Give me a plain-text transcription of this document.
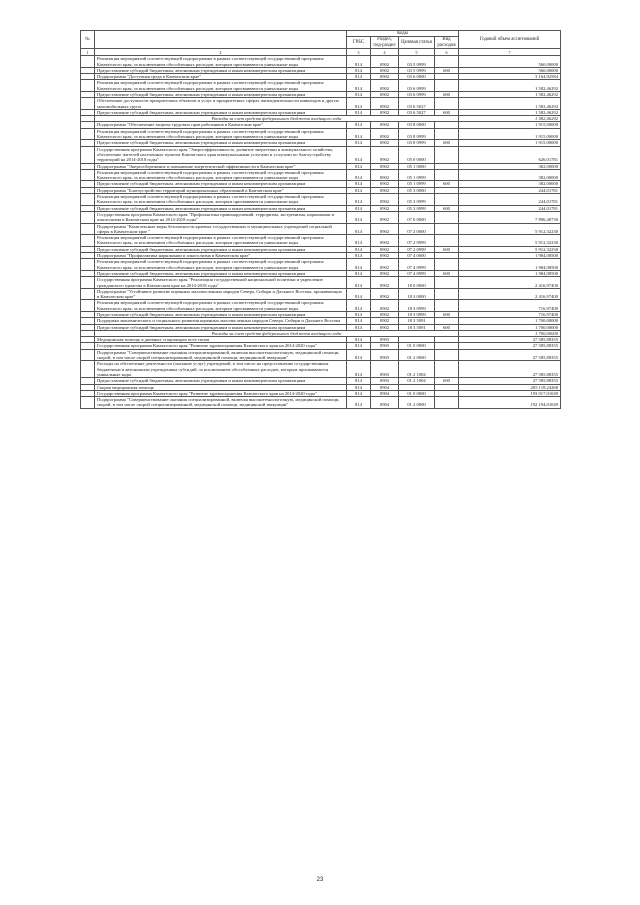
№		Коды				Годовой объем ассигнований
		ГРБС	Раздел, под-раздел	Целевая статья	Вид расходов	
1	2	3	4	5	6	7
	Реализация мероприятий соответствующей подпрограммы в рамках соответствующей государственной программы Камчатского края, за исключением обособленных расходов, которым присваиваются уникальные коды	814	0902	03 5 0999		560,00000
	Предоставление субсидий бюджетным, автономным учреждениям и иным некоммерческим организациям	814	0902	03 5 0999	600	560,00000
	Подпрограмма "Доступная среда в Камчатском крае"	814	0902	03 6 0000		3 164,92584
	Реализация мероприятий соответствующей подпрограммы в рамках соответствующей государственной программы Камчатского края, за исключением обособленных расходов, которым присваиваются уникальные коды	814	0902	03 6 0999		1 582,46292
	Предоставление субсидий бюджетным, автономным учреждениям и иным некоммерческим организациям	814	0902	03 6 0999	600	1 582,46292
	Обеспечение доступности приоритетных объектов и услуг в приоритетных сферах жизнедеятельности инвалидов и других маломобильных групп	814	0902	03 6 5027		1 582,46292
	Предоставление субсидий бюджетным, автономным учреждениям и иным некоммерческим организациям	814	0902	03 6 5027	600	1 582,46292
	Расходы за счет средств федерального бюджета входящего хода					1 582,46292
	Подпрограмма "Обеспечение защиты трудовых прав работников в Камчатском крае"	814	0902	03 8 0000		1 915,00000
	Реализация мероприятий соответствующей подпрограммы в рамках соответствующей государственной программы Камчатского края, за исключением обособленных расходов, которым присваиваются уникальные коды	814	0902	03 8 0999		1 915,00000
	Предоставление субсидий бюджетным, автономным учреждениям и иным некоммерческим организациям	814	0902	03 8 0999	600	1 915,00000
	Государственная программа Камчатского края "Энергоэффективность, развитие энергетики и коммунального хозяйства, обеспечение жителей населенных пунктов Камчатского края коммунальными услугами и услугами по благоустройству территорий на 2014-2018 годы"	814	0902	05 0 0000		626,01781
	Подпрограмма "Энергосбережение и повышение энергетической эффективности в Камчатском крае"	814	0902	05 1 0000		382,00000
	Реализация мероприятий соответствующей подпрограммы в рамках соответствующей государственной программы Камчатского края, за исключением обособленных расходов, которым присваиваются уникальные коды	814	0902	05 1 0999		382,00000
	Предоставление субсидий бюджетным, автономным учреждениям и иным некоммерческим организациям	814	0902	05 1 0999	600	382,00000
	Подпрограмма "Благоустройство территорий муниципальных образований в Камчатском крае"	814	0902	05 3 0000		244,01781
	Реализация мероприятий соответствующей подпрограммы в рамках соответствующей государственной программы Камчатского края, за исключением обособленных расходов, которым присваиваются уникальные коды	814	0902	05 3 0999		244,01781
	Предоставление субсидий бюджетным, автономным учреждениям и иным некоммерческим организациям	814	0902	05 3 0999	600	244,01781
	Государственная программа Камчатского края "Профилактика правонарушений, терроризма, экстремизма, наркомании и алкоголизма в Камчатском крае на 2014-2018 годы"	814	0902	07 0 0000		7 896,40730
	Подпрограмма "Комплексные меры безопасности краевых государственных и муниципальных учреждений социальной сферы в Камчатском крае "	814	0902	07 2 0000		5 912,32230
	Реализация мероприятий соответствующей подпрограммы в рамках соответствующей государственной программы Камчатского края, за исключением обособленных расходов, которым присваиваются уникальные коды	814	0902	07 2 0999		5 912,32230
	Предоставление субсидий бюджетным, автономным учреждениям и иным некоммерческим организациям	814	0902	07 2 0999	600	5 912,32230
	Подпрограмма "Профилактика наркомании и алкоголизма в Камчатском крае"	814	0902	07 4 0000		1 984,08500
	Реализация мероприятий соответствующей подпрограммы в рамках соответствующей государственной программы Камчатского края, за исключением обособленных расходов, которым присваиваются уникальные коды	814	0902	07 4 0999		1 984,08500
	Предоставление субсидий бюджетным, автономным учреждениям и иным некоммерческим организациям	814	0902	07 4 0999	600	1 984,08500
	Государственная программа Камчатского края "Реализация государственной национальной политики и укрепление гражданского единства в Камчатском крае на 2014-2018 годы"	814	0902	18 0 0000		2 416,97400
	Подпрограмма "Устойчивое развитие коренных малочисленных народов Севера, Сибири и Дальнего Востока, проживающих в Камчатском крае"	814	0902	18 3 0000		2 416,97400
	Реализация мероприятий соответствующей подпрограммы в рамках соответствующей государственной программы Камчатского края, за исключением обособленных расходов, которым присваиваются уникальные коды	814	0902	18 3 0999		716,97400
	Предоставление субсидий бюджетным, автономным учреждениям и иным некоммерческим организациям	814	0902	18 3 0999	600	716,97400
	Поддержка экономического и социального развития коренных малочисленных народов Севера, Сибири и Дальнего Востока	814	0902	18 3 5091		1 700,00000
	Предоставление субсидий бюджетным, автономным учреждениям и иным некоммерческим организациям	814	0902	18 3 5091	600	1 700,00000
	Расходы за счет средств федерального бюджета входящего хода					1 700,00000
	Медицинская помощь в дневных стационарах всех типов	814	0903			27 585,88355
	Государственная программа Камчатского края "Развитие здравоохранения Камчатского края на 2014-2020 годы"	814	0903	01 0 0000		27 585,88355
	Подпрограмма "Совершенствование оказания специализированной, включая высокотехнологичную, медицинской помощи, скорой, в том числе скорой специализированной, медицинской помощи, медицинской эвакуации"	814	0903	01 2 0000		27 585,88355
	Расходы на обеспечение деятельности (оказание услуг) учреждений, в том числе на предоставление государственным бюджетным и автономным учреждениям субсидий, за исключением обособленных расходов, которым присваиваются уникальные коды	814	0903	01 2 1004		27 585,88355
	Предоставление субсидий бюджетным, автономным учреждениям и иным некоммерческим организациям	814	0903	01 2 1004	600	27 585,88355
	Скорая медицинская помощь	814	0904			205 118,24268
	Государственная программа Камчатского края "Развитие здравоохранения Камчатского края на 2014-2020 годы"	814	0904	01 0 0000		193 017,01049
	Подпрограмма "Совершенствование оказания специализированной, включая высокотехнологичную, медицинской помощи, скорой, в том числе скорой специализированной, медицинской помощи, медицинской эвакуации"	814	0904	01 2 0000		192 194,01049
23
